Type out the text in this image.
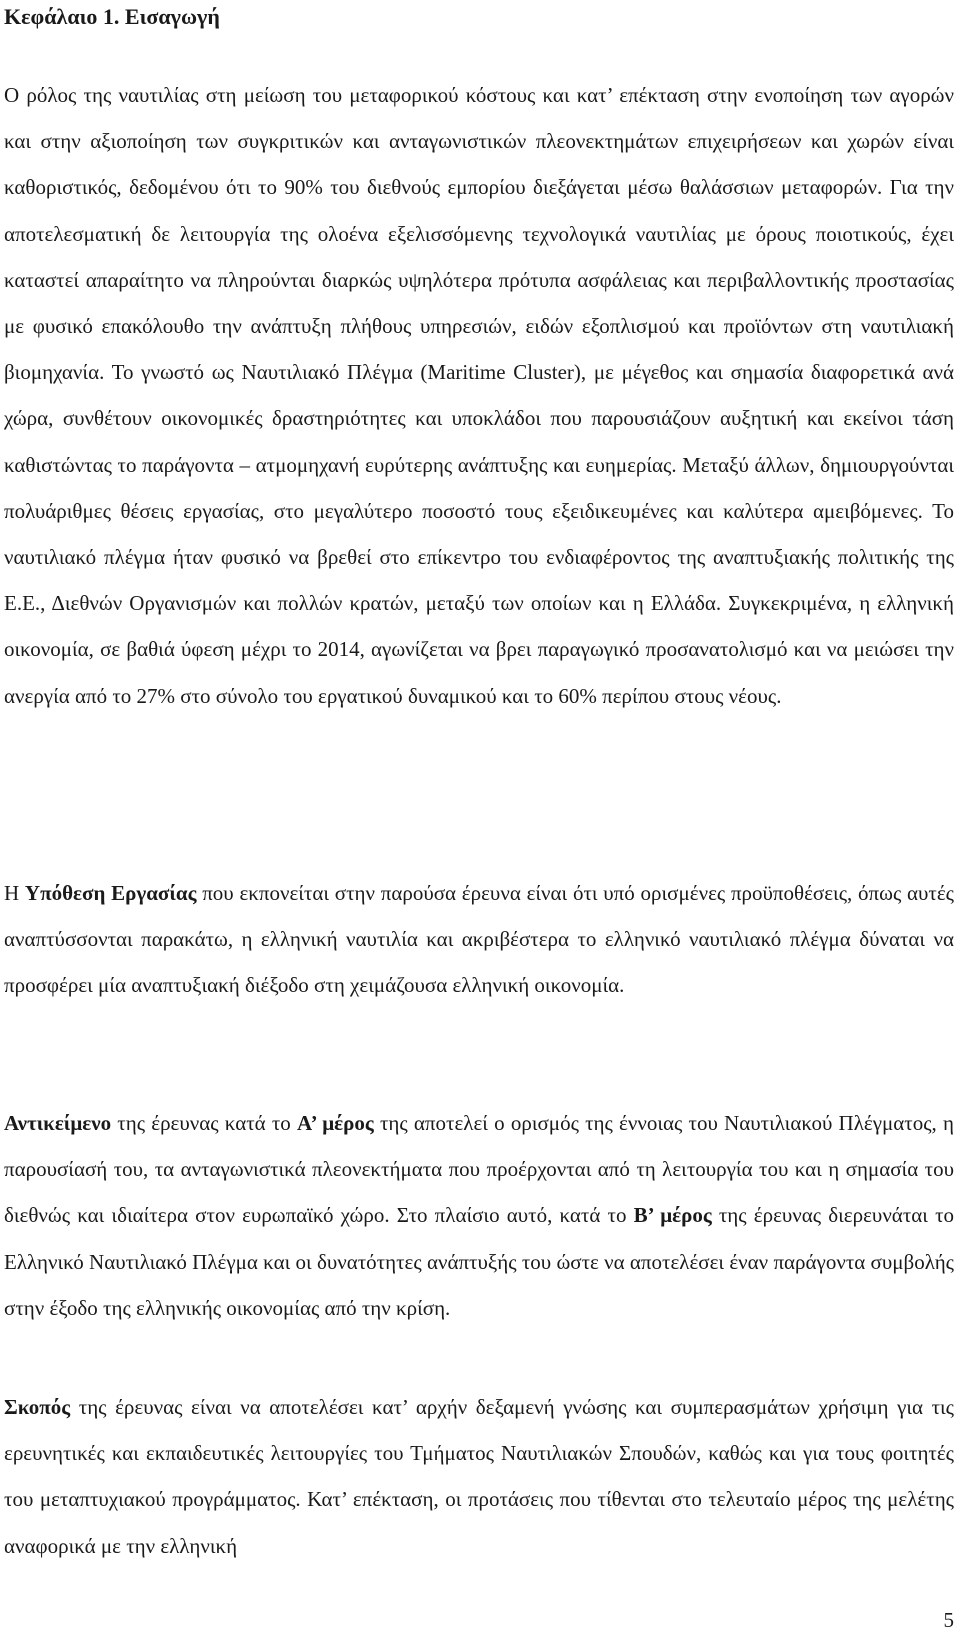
Κεφάλαιο 1. Εισαγωγή

Ο ρόλος της ναυτιλίας στη μείωση του μεταφορικού κόστους και κατ’ επέκταση στην ενοποίηση των αγορών και στην αξιοποίηση των συγκριτικών και ανταγωνιστικών πλεονεκτημάτων επιχειρήσεων και χωρών είναι καθοριστικός, δεδομένου ότι το 90% του διεθνούς εμπορίου διεξάγεται μέσω θαλάσσιων μεταφορών. Για την αποτελεσματική δε λειτουργία της ολοένα εξελισσόμενης τεχνολογικά ναυτιλίας με όρους ποιοτικούς, έχει καταστεί απαραίτητο να πληρούνται διαρκώς υψηλότερα πρότυπα ασφάλειας και περιβαλλοντικής προστασίας με φυσικό επακόλουθο την ανάπτυξη πλήθους υπηρεσιών, ειδών εξοπλισμού και προϊόντων στη ναυτιλιακή βιομηχανία. Το γνωστό ως Ναυτιλιακό Πλέγμα (Maritime Cluster), με μέγεθος και σημασία διαφορετικά ανά χώρα, συνθέτουν οικονομικές δραστηριότητες και υποκλάδοι που παρουσιάζουν αυξητική και εκείνοι τάση καθιστώντας το παράγοντα – ατμομηχανή ευρύτερης ανάπτυξης και ευημερίας. Μεταξύ άλλων, δημιουργούνται πολυάριθμες θέσεις εργασίας, στο μεγαλύτερο ποσοστό τους εξειδικευμένες και καλύτερα αμειβόμενες. Το ναυτιλιακό πλέγμα ήταν φυσικό να βρεθεί στο επίκεντρο του ενδιαφέροντος της αναπτυξιακής πολιτικής της Ε.Ε., Διεθνών Οργανισμών και πολλών κρατών, μεταξύ των οποίων και η Ελλάδα. Συγκεκριμένα, η ελληνική οικονομία, σε βαθιά ύφεση μέχρι το 2014, αγωνίζεται να βρει παραγωγικό προσανατολισμό και να μειώσει την ανεργία από το 27% στο σύνολο του εργατικού δυναμικού και το 60% περίπου στους νέους.

Η Υπόθεση Εργασίας που εκπονείται στην παρούσα έρευνα είναι ότι υπό ορισμένες προϋποθέσεις, όπως αυτές αναπτύσσονται παρακάτω, η ελληνική ναυτιλία και ακριβέστερα το ελληνικό ναυτιλιακό πλέγμα δύναται να προσφέρει μία αναπτυξιακή διέξοδο στη χειμάζουσα ελληνική οικονομία.

Αντικείμενο της έρευνας κατά το Α’ μέρος της αποτελεί ο ορισμός της έννοιας του Ναυτιλιακού Πλέγματος, η παρουσίασή του, τα ανταγωνιστικά πλεονεκτήματα που προέρχονται από τη λειτουργία του και η σημασία του διεθνώς και ιδιαίτερα στον ευρωπαϊκό χώρο. Στο πλαίσιο αυτό, κατά το Β’ μέρος της έρευνας διερευνάται το Ελληνικό Ναυτιλιακό Πλέγμα και οι δυνατότητες ανάπτυξής του ώστε να αποτελέσει έναν παράγοντα συμβολής στην έξοδο της ελληνικής οικονομίας από την κρίση.

Σκοπός της έρευνας είναι να αποτελέσει κατ’ αρχήν δεξαμενή γνώσης και συμπερασμάτων χρήσιμη για τις ερευνητικές και εκπαιδευτικές λειτουργίες του Τμήματος Ναυτιλιακών Σπουδών, καθώς και για τους φοιτητές του μεταπτυχιακού προγράμματος. Κατ’ επέκταση, οι προτάσεις που τίθενται στο τελευταίο μέρος της μελέτης αναφορικά με την ελληνική

5
